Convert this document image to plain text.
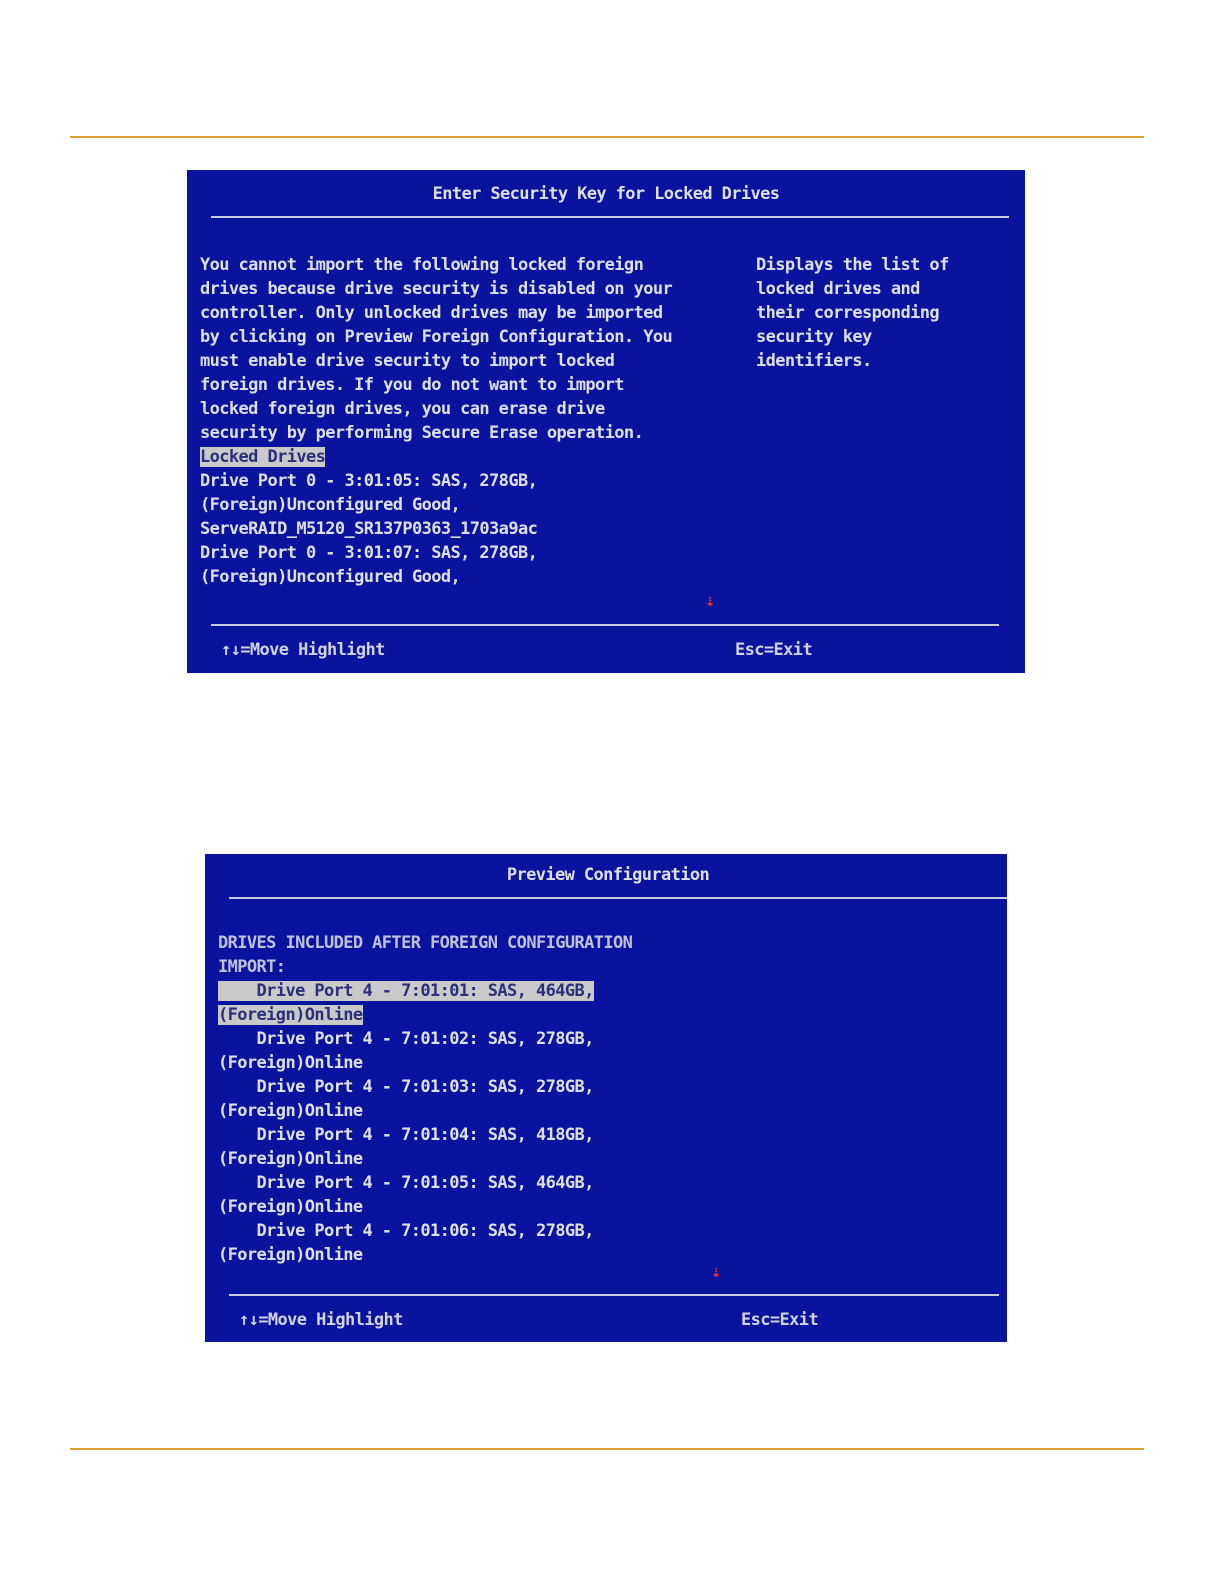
Enter Security Key for Locked Drives
You cannot import the following locked foreign
drives because drive security is disabled on your
controller. Only unlocked drives may be imported
by clicking on Preview Foreign Configuration. You
must enable drive security to import locked
foreign drives. If you do not want to import
locked foreign drives, you can erase drive
security by performing Secure Erase operation.
Locked Drives
Drive Port 0 - 3:01:05: SAS, 278GB,
(Foreign)Unconfigured Good,
ServeRAID_M5120_SR137P0363_1703a9ac
Drive Port 0 - 3:01:07: SAS, 278GB,
(Foreign)Unconfigured Good,
Displays the list of
locked drives and
their corresponding
security key
identifiers.
⇣
↑↓=Move Highlight	Esc=Exit
Preview Configuration
DRIVES INCLUDED AFTER FOREIGN CONFIGURATION
IMPORT:
Drive Port 4 - 7:01:01: SAS, 464GB,
(Foreign)Online
Drive Port 4 - 7:01:02: SAS, 278GB,
(Foreign)Online
Drive Port 4 - 7:01:03: SAS, 278GB,
(Foreign)Online
Drive Port 4 - 7:01:04: SAS, 418GB,
(Foreign)Online
Drive Port 4 - 7:01:05: SAS, 464GB,
(Foreign)Online
Drive Port 4 - 7:01:06: SAS, 278GB,
(Foreign)Online
⇣
↑↓=Move Highlight	Esc=Exit
